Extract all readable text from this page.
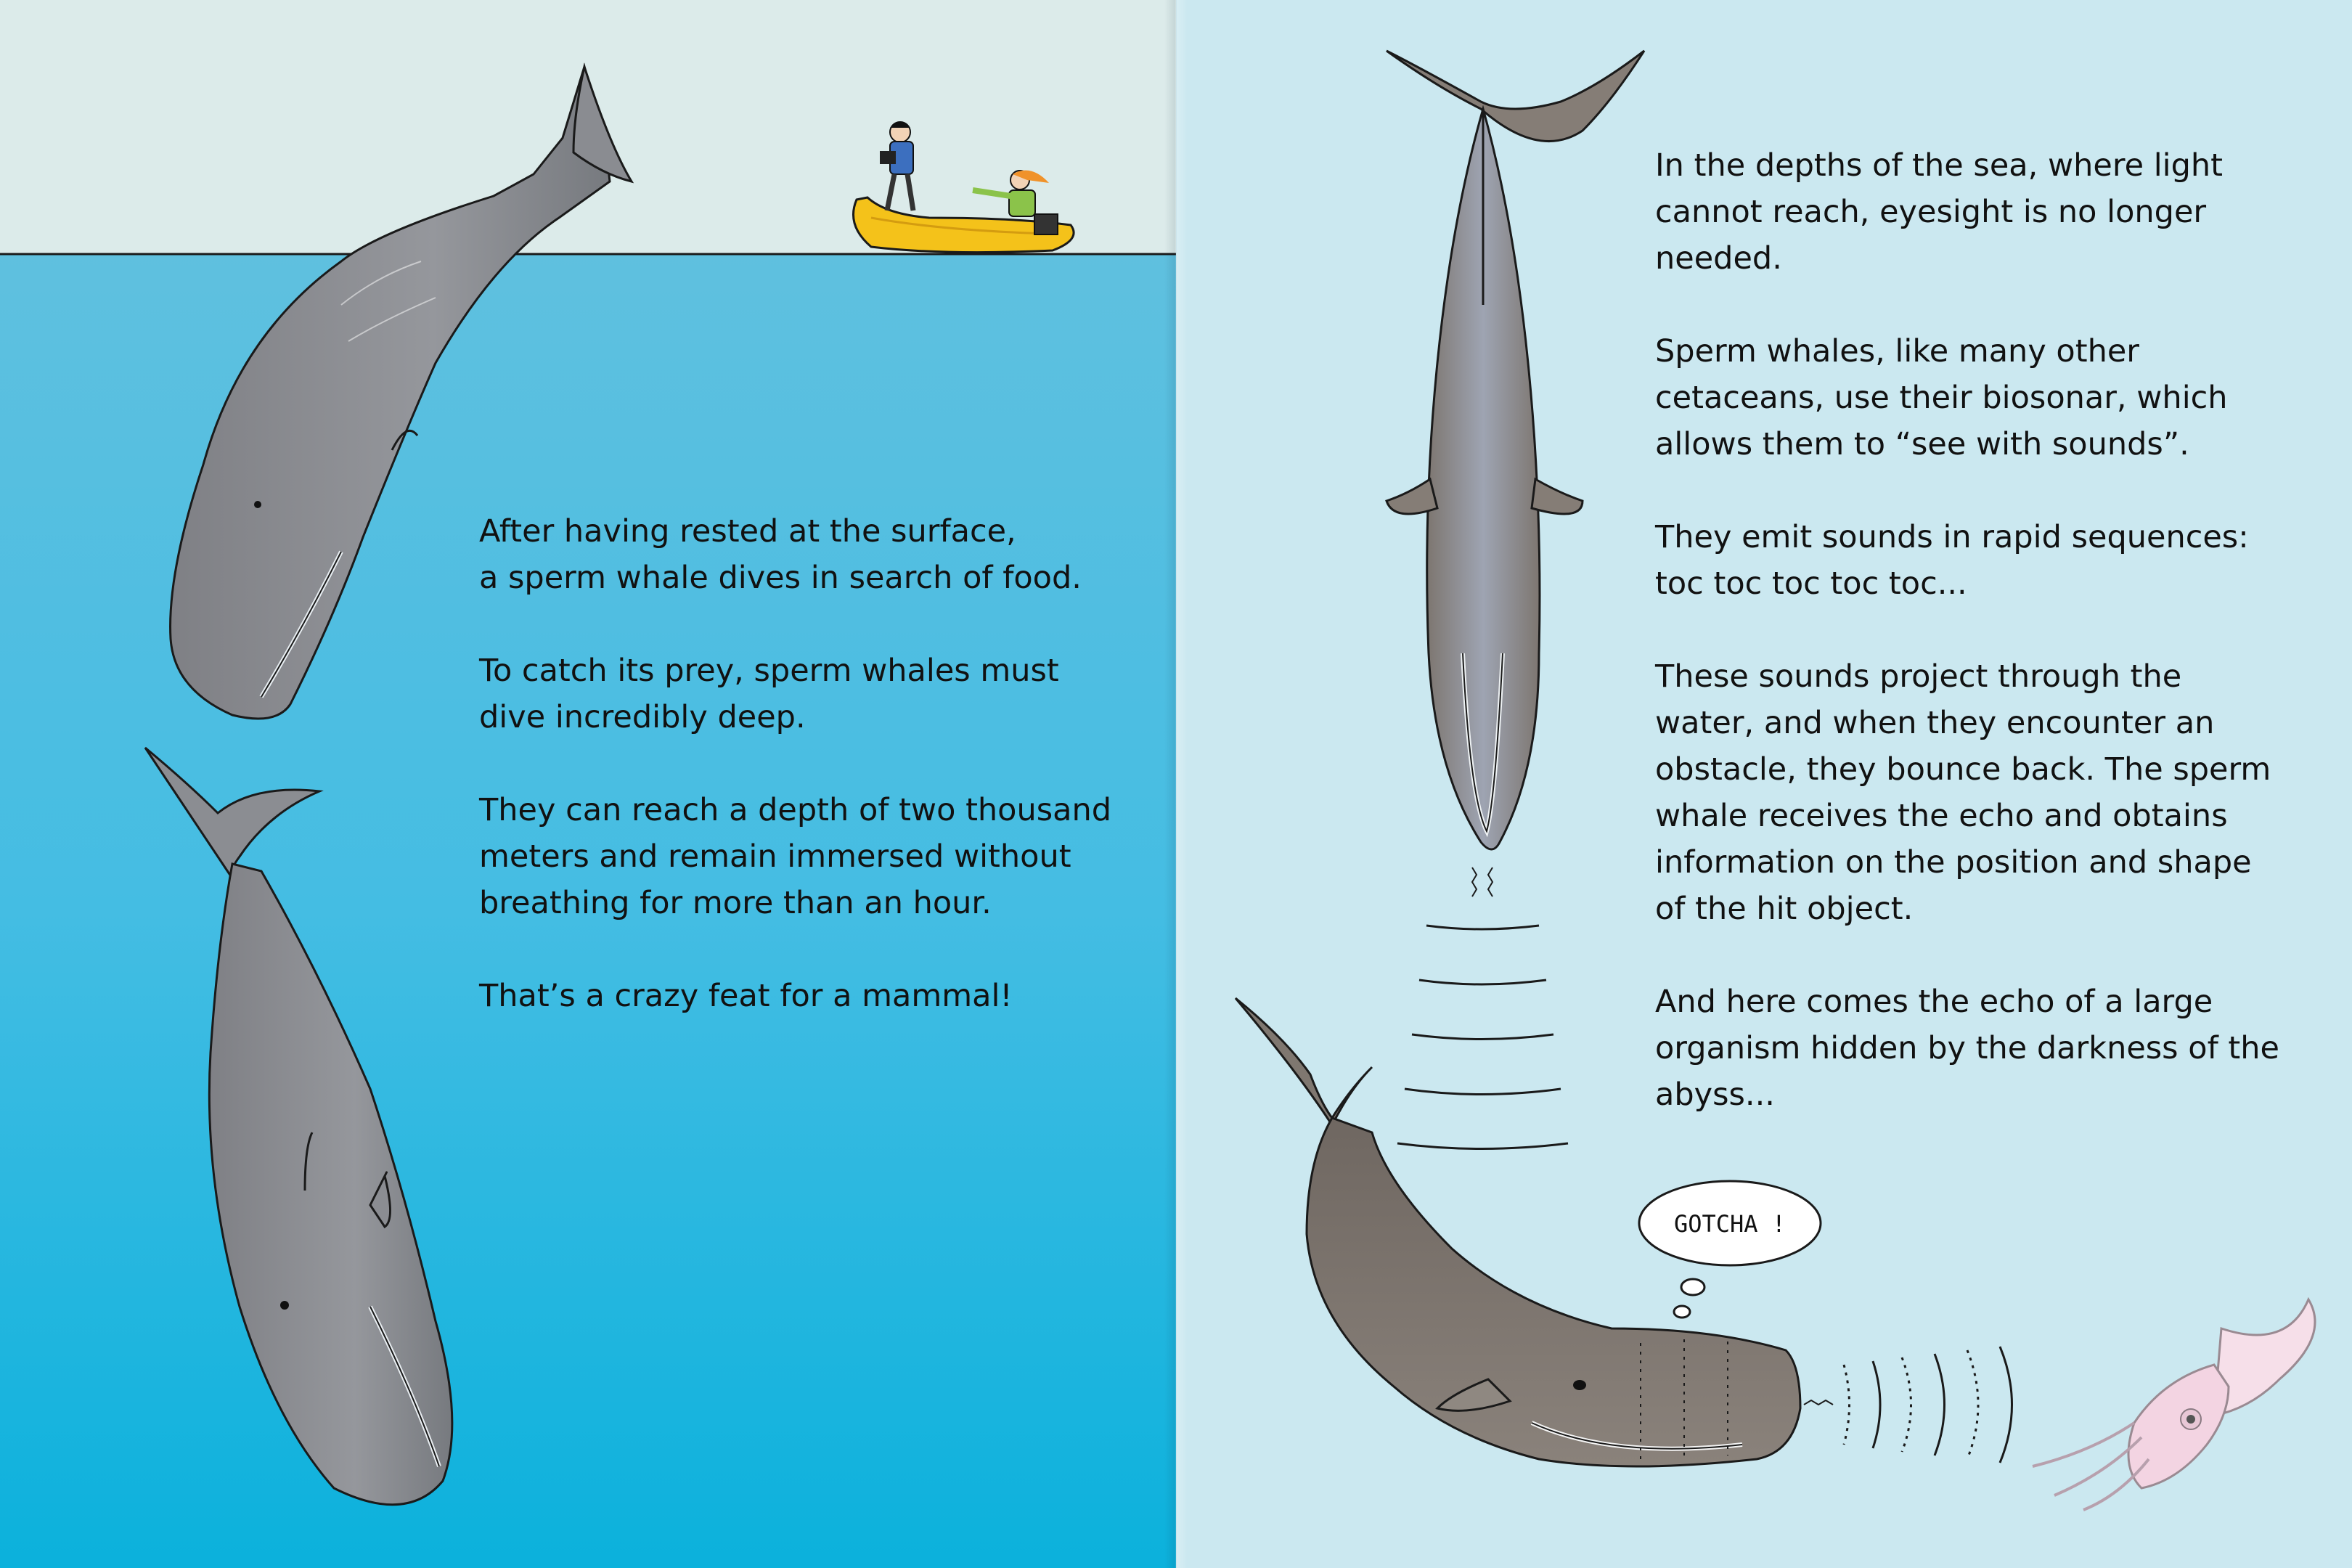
After having rested at the surface,
a sperm whale dives in search of food.

To catch its prey, sperm whales must
dive incredibly deep.

They can reach a depth of two thousand
meters and remain immersed without
breathing for more than an hour.

That’s a crazy feat for a mammal!

GOTCHA !

In the depths of the sea, where light
cannot reach, eyesight is no longer
needed.

Sperm whales, like many other
cetaceans, use their biosonar, which
allows them to “see with sounds”.

They emit sounds in rapid sequences:
toc toc toc toc toc...

These sounds project through the
water, and when they encounter an
obstacle, they bounce back. The sperm
whale receives the echo and obtains
information on the position and shape
of the hit object.

And here comes the echo of a large
organism hidden by the darkness of the
abyss...
